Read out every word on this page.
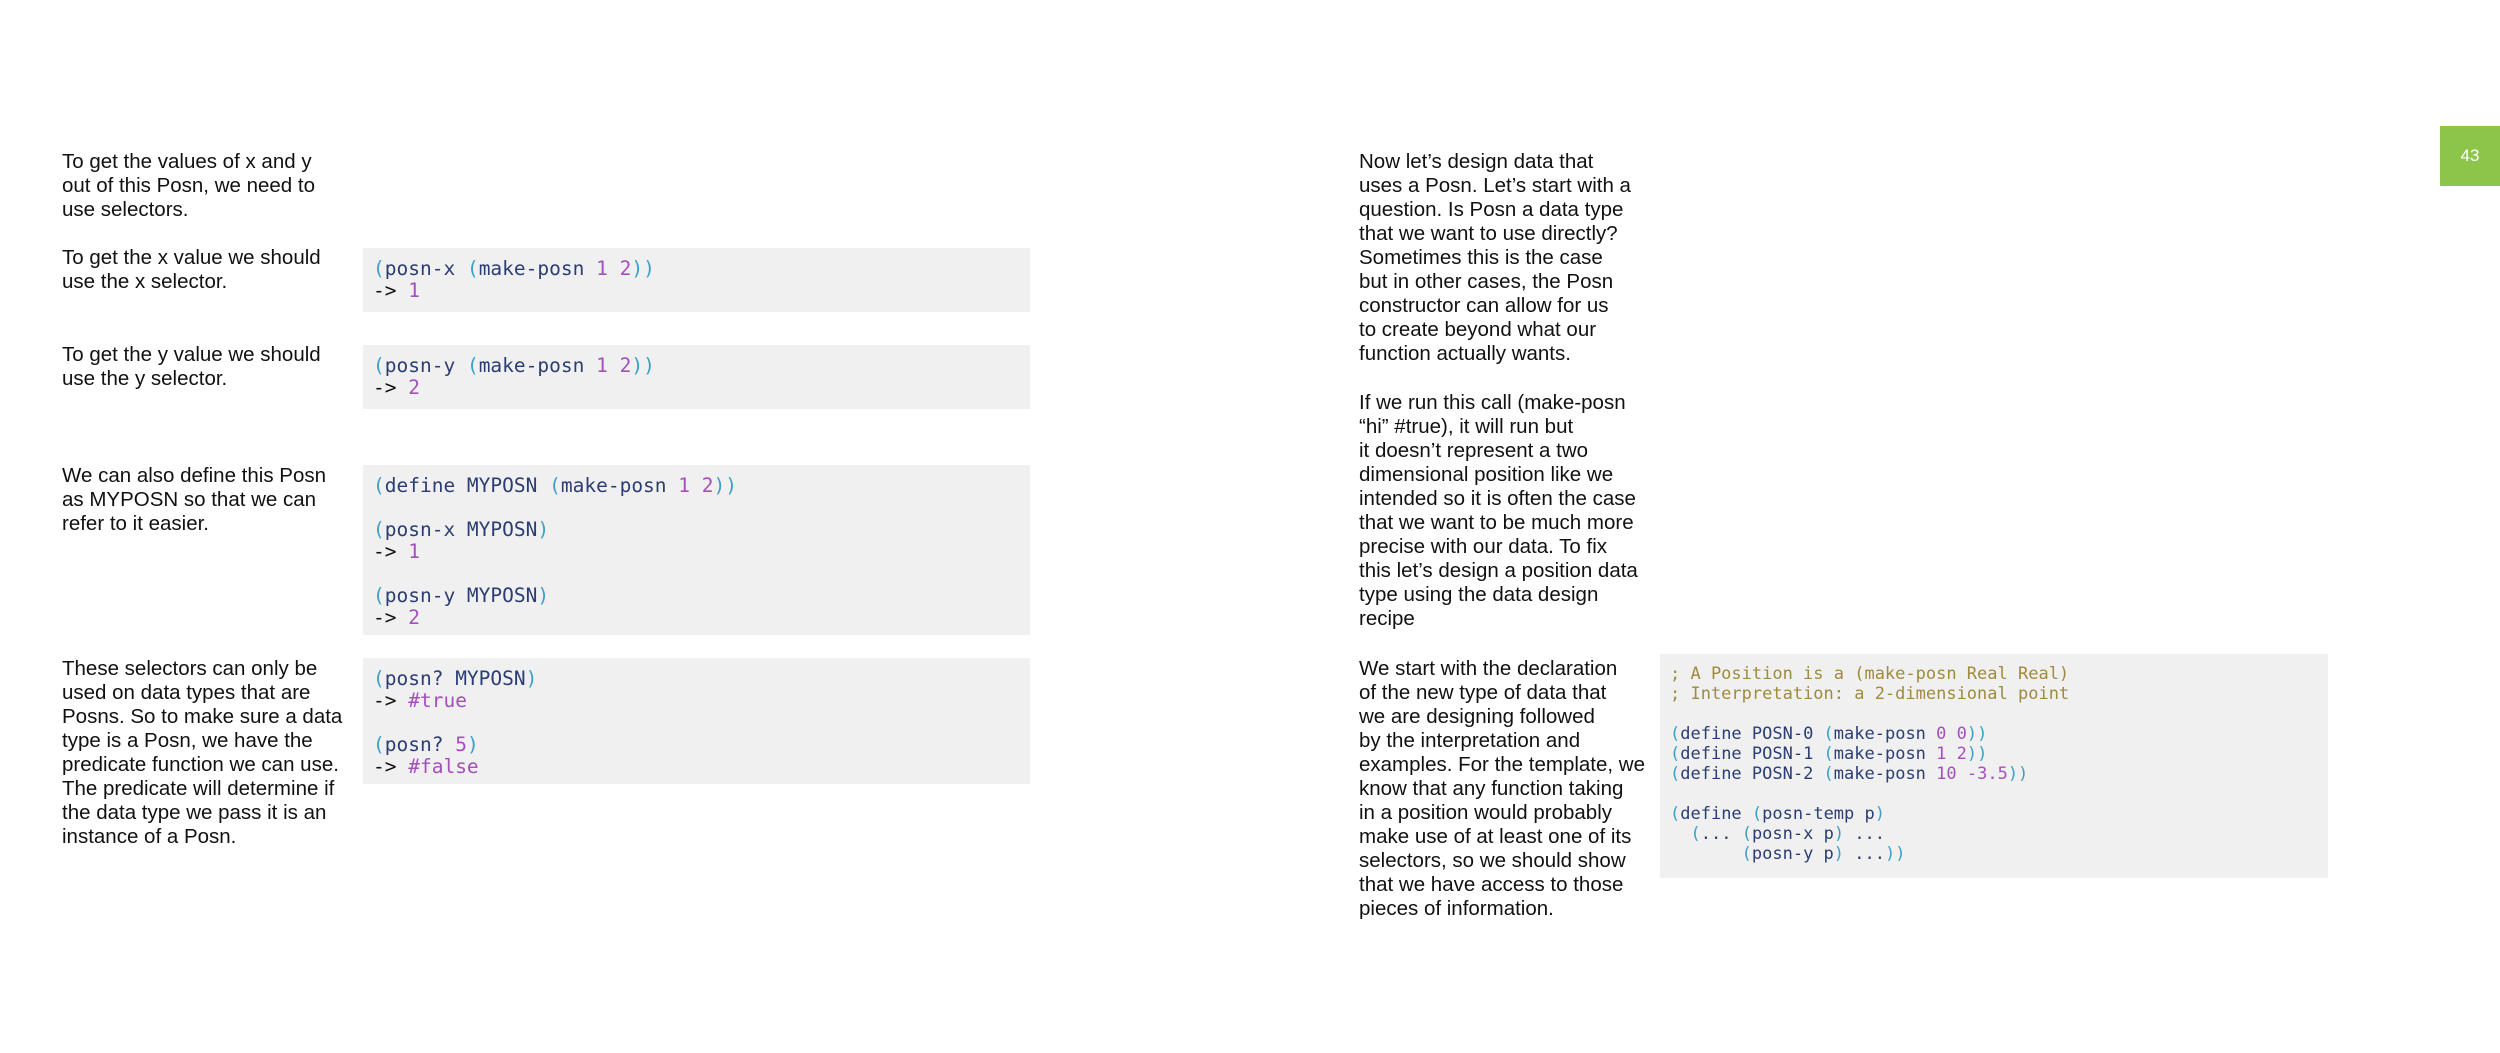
To get the values of x and y
out of this Posn, we need to
use selectors.

To get the x value we should
use the x selector.

To get the y value we should
use the y selector.

We can also define this Posn
as MYPOSN so that we can
refer to it easier.

These selectors can only be
used on data types that are
Posns. So to make sure a data
type is a Posn, we have the
predicate function we can use.
The predicate will determine if
the data type we pass it is an
instance of a Posn.

(posn-x (make-posn 1 2))
-> 1
(posn-y (make-posn 1 2))
-> 2
(define MYPOSN (make-posn 1 2))
(posn-x MYPOSN)
-> 1
(posn-y MYPOSN)
-> 2
(posn? MYPOSN)
-> #true
(posn? 5)
-> #false

Now let’s design data that
uses a Posn. Let’s start with a
question. Is Posn a data type
that we want to use directly?
Sometimes this is the case
but in other cases, the Posn
constructor can allow for us
to create beyond what our
function actually wants.

If we run this call (make-posn
“hi” #true), it will run but
it doesn’t represent a two
dimensional position like we
intended so it is often the case
that we want to be much more
precise with our data. To fix
this let’s design a position data
type using the data design
recipe

We start with the declaration
of the new type of data that
we are designing followed
by the interpretation and
examples. For the template, we
know that any function taking
in a position would probably
make use of at least one of its
selectors, so we should show
that we have access to those
pieces of information.

; A Position is a (make-posn Real Real)
; Interpretation: a 2-dimensional point
(define POSN-0 (make-posn 0 0))
(define POSN-1 (make-posn 1 2))
(define POSN-2 (make-posn 10 -3.5))
(define (posn-temp p)
(... (posn-x p) ...
(posn-y p) ...))
43
